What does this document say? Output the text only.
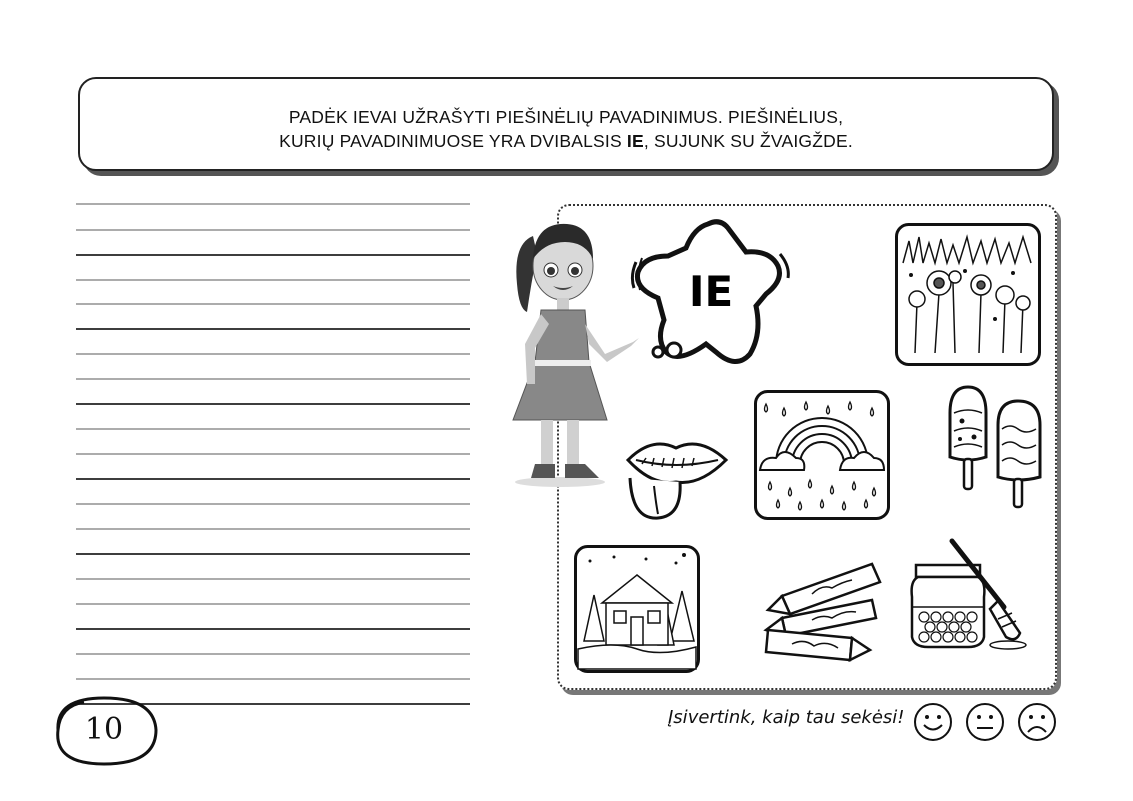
PADĖK IEVAI UŽRAŠYTI PIEŠINĖLIŲ PAVADINIMUS. PIEŠINĖLIUS,
KURIŲ PAVADINIMUOSE YRA DVIBALSIS IE, SUJUNK SU ŽVAIGŽDE.
IE
Įsivertink, kaip tau sekėsi!
10
